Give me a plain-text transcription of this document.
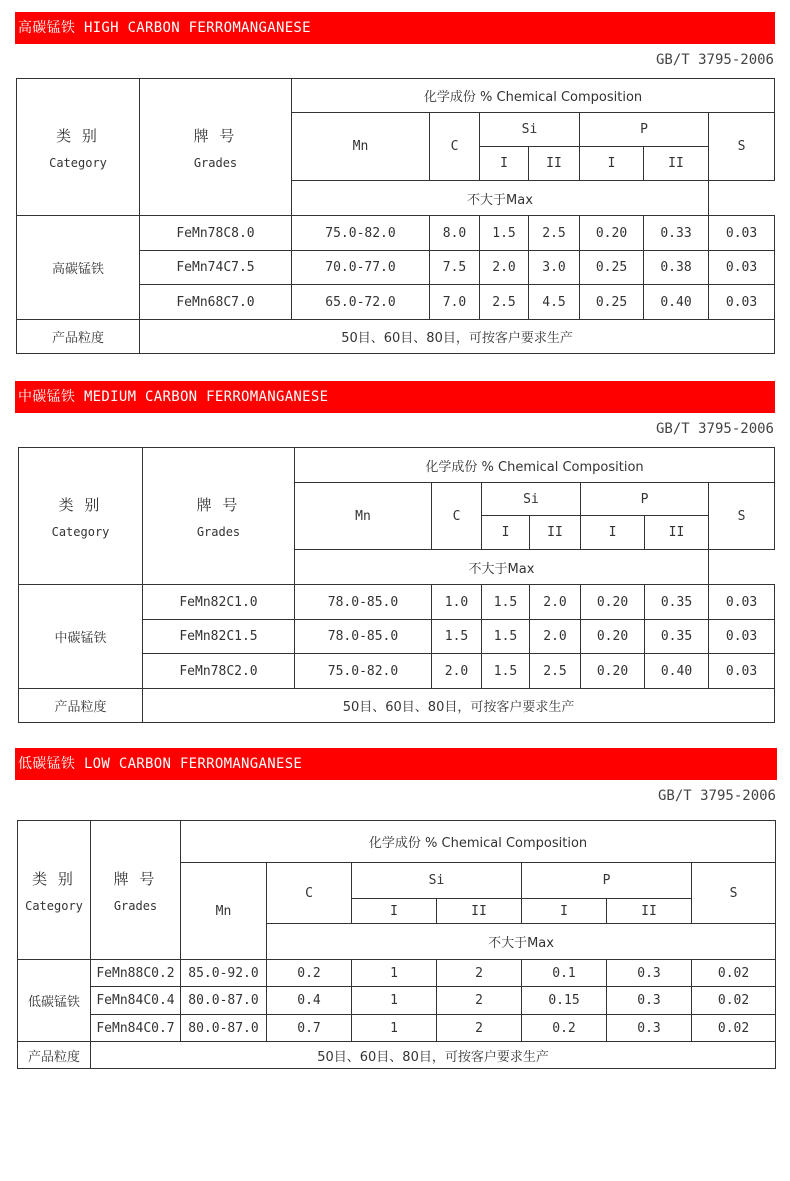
高碳锰铁 HIGH CARBON FERROMANGANESE
GB/T 3795-2006
类 别
Category	牌 号
Grades	化学成份 % Chemical Composition						
		Mn	C	Si		P		S
				I	II	I	II	
		不大于Max						
高碳锰铁	FeMn78C8.0	75.0-82.0	8.0	1.5	2.5	0.20	0.33	0.03
	FeMn74C7.5	70.0-77.0	7.5	2.0	3.0	0.25	0.38	0.03
	FeMn68C7.0	65.0-72.0	7.0	2.5	4.5	0.25	0.40	0.03
产品粒度	50目、60目、80目，可按客户要求生产							
中碳锰铁 MEDIUM CARBON FERROMANGANESE
GB/T 3795-2006
类 别
Category	牌 号
Grades	化学成份 % Chemical Composition						
		Mn	C	Si		P		S
				I	II	I	II	
		不大于Max						
中碳锰铁	FeMn82C1.0	78.0-85.0	1.0	1.5	2.0	0.20	0.35	0.03
	FeMn82C1.5	78.0-85.0	1.5	1.5	2.0	0.20	0.35	0.03
	FeMn78C2.0	75.0-82.0	2.0	1.5	2.5	0.20	0.40	0.03
产品粒度	50目、60目、80目，可按客户要求生产							
低碳锰铁 LOW CARBON FERROMANGANESE
GB/T 3795-2006
类 别
Category	牌 号
Grades	化学成份 % Chemical Composition						
		Mn	C	Si		P		S
				I	II	I	II	
			不大于Max					
低碳锰铁	FeMn88C0.2	85.0-92.0	0.2	1	2	0.1	0.3	0.02
	FeMn84C0.4	80.0-87.0	0.4	1	2	0.15	0.3	0.02
	FeMn84C0.7	80.0-87.0	0.7	1	2	0.2	0.3	0.02
产品粒度	50目、60目、80目，可按客户要求生产							
